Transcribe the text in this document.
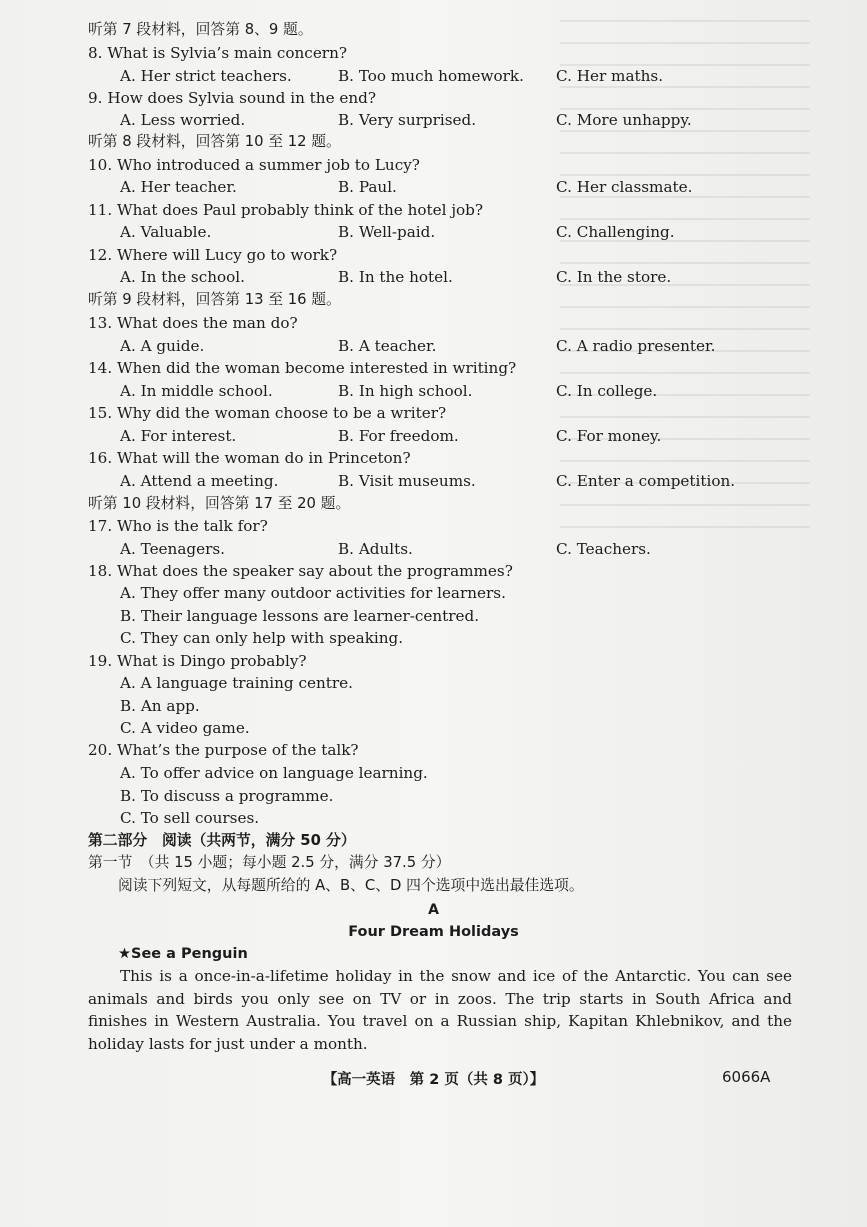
听第 7 段材料，回答第 8、9 题。
8. What is Sylvia’s main concern?
A. Her strict teachers.	B. Too much homework. C. Her maths.
9. How does Sylvia sound in the end?
A. Less worried.	B. Very surprised.	C. More unhappy.
听第 8 段材料，回答第 10 至 12 题。
10. Who introduced a summer job to Lucy?
A. Her teacher.	B. Paul.	C. Her classmate.
11. What does Paul probably think of the hotel job?
A. Valuable.	B. Well-paid.	C. Challenging.
12. Where will Lucy go to work?
A. In the school.	B. In the hotel.	C. In the store.
听第 9 段材料，回答第 13 至 16 题。
13. What does the man do?
A. A guide.	B. A teacher.	C. A radio presenter.
14. When did the woman become interested in writing?
A. In middle school.	B. In high school.	C. In college.
15. Why did the woman choose to be a writer?
A. For interest.	B. For freedom.	C. For money.
16. What will the woman do in Princeton?
A. Attend a meeting.	B. Visit museums.	C. Enter a competition.
听第 10 段材料，回答第 17 至 20 题。
17. Who is the talk for?
A. Teenagers.	B. Adults.	C. Teachers.
18. What does the speaker say about the programmes?
A. They offer many outdoor activities for learners.
B. Their language lessons are learner-centred.
C. They can only help with speaking.
19. What is Dingo probably?
A. A language training centre.
B. An app.
C. A video game.
20. What’s the purpose of the talk?
A. To offer advice on language learning.
B. To discuss a programme.
C. To sell courses.
第二部分　阅读（共两节，满分 50 分）
第一节　（共 15 小题；每小题 2.5 分，满分 37.5 分）
阅读下列短文，从每题所给的 A、B、C、D 四个选项中选出最佳选项。
A
Four Dream Holidays
★See a Penguin
This is a once-in-a-lifetime holiday in the snow and ice of the Antarctic. You can see animals and birds you only see on TV or in zoos. The trip starts in South Africa and finishes in Western Australia. You travel on a Russian ship, Kapitan Khlebnikov, and the holiday lasts for just under a month.
【高一英语　第 2 页（共 8 页）】	6066A
